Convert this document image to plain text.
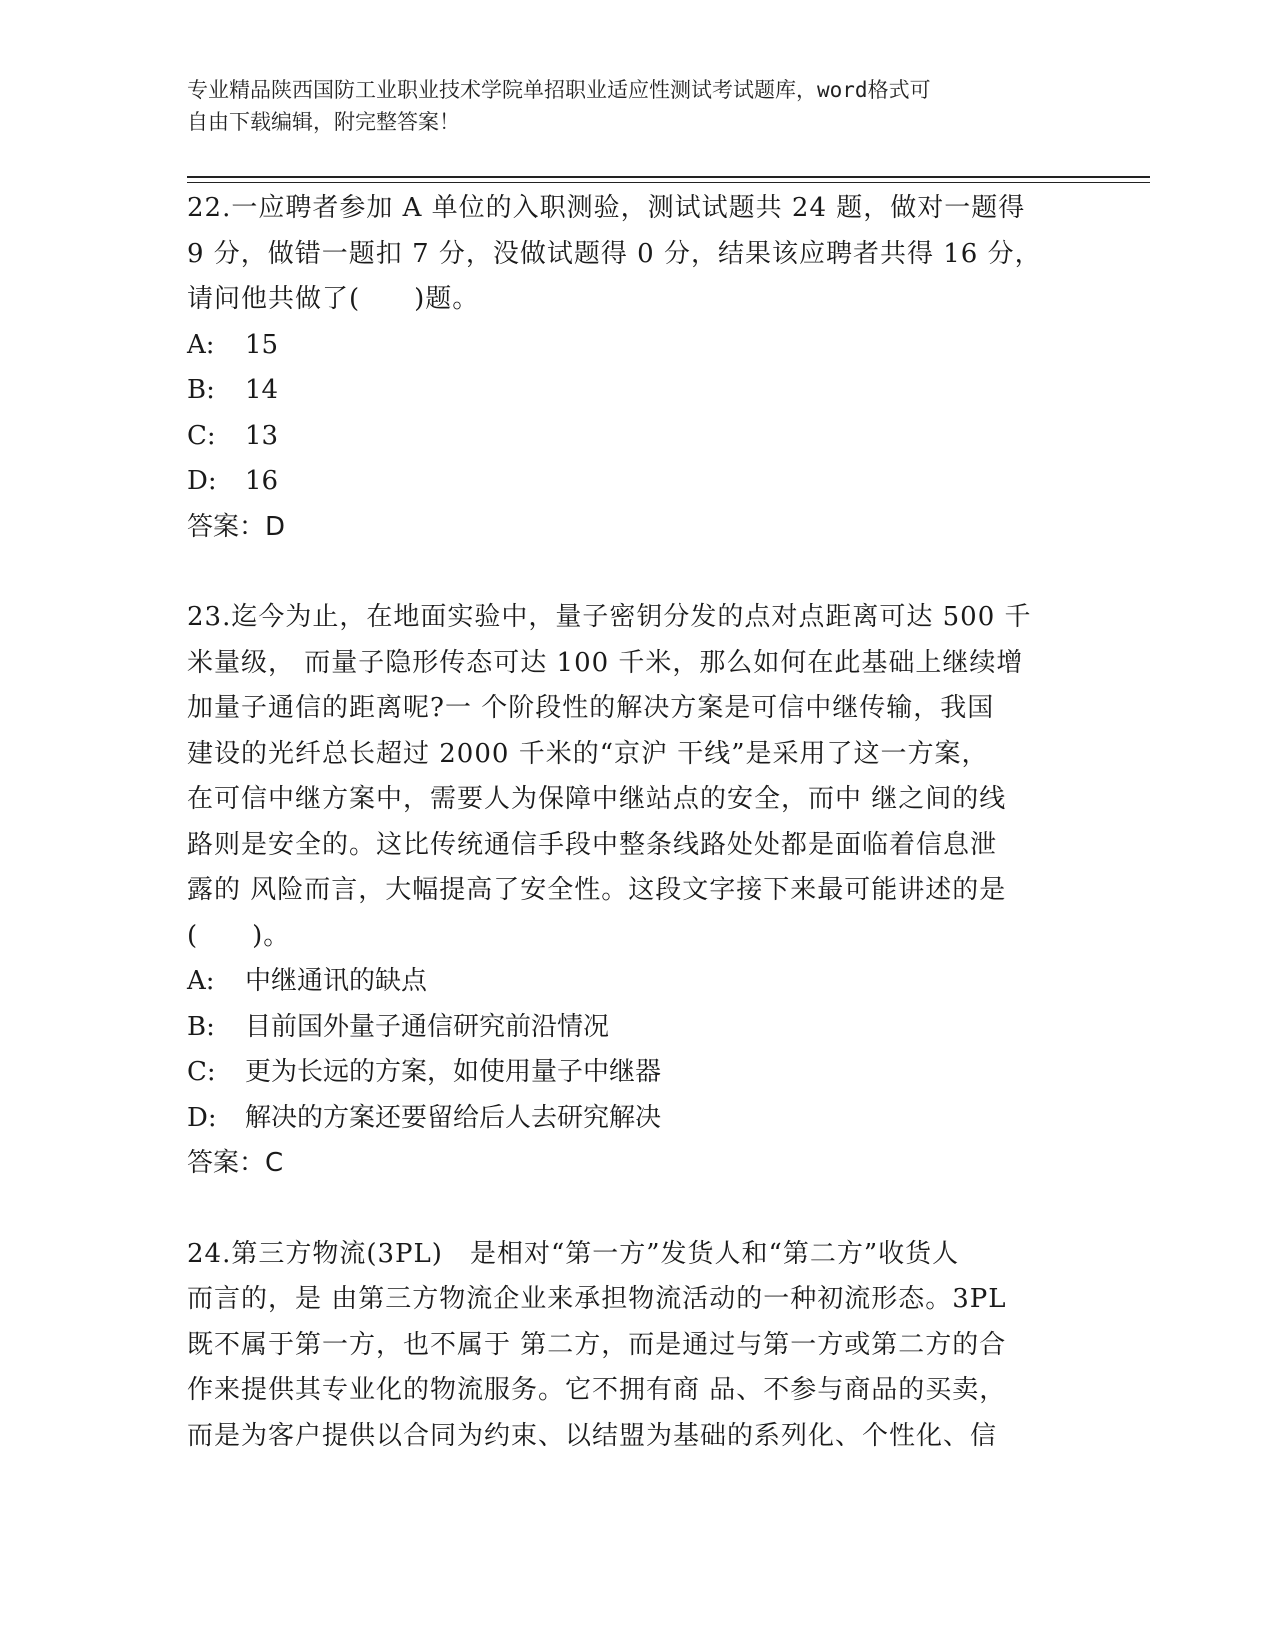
专业精品陕西国防工业职业技术学院单招职业适应性测试考试题库，word格式可
自由下载编辑，附完整答案！
22.一应聘者参加 A 单位的入职测验，测试试题共 24 题，做对一题得
9 分，做错一题扣 7 分，没做试题得 0 分，结果该应聘者共得 16 分，
请问他共做了(　　)题。
A:	15
B:	14
C:	13
D:	16
答案：D
23.迄今为止，在地面实验中，量子密钥分发的点对点距离可达 500 千
米量级， 而量子隐形传态可达 100 千米，那么如何在此基础上继续增
加量子通信的距离呢?一 个阶段性的解决方案是可信中继传输，我国
建设的光纤总长超过 2000 千米的“京沪 干线”是采用了这一方案，
在可信中继方案中，需要人为保障中继站点的安全，而中 继之间的线
路则是安全的。这比传统通信手段中整条线路处处都是面临着信息泄
露的 风险而言，大幅提高了安全性。这段文字接下来最可能讲述的是
(　　)。
A:	中继通讯的缺点
B:	目前国外量子通信研究前沿情况
C:	更为长远的方案，如使用量子中继器
D:	解决的方案还要留给后人去研究解决
答案：C
24.第三方物流(3PL)　是相对“第一方”发货人和“第二方”收货人
而言的，是 由第三方物流企业来承担物流活动的一种初流形态。3PL
既不属于第一方，也不属于 第二方，而是通过与第一方或第二方的合
作来提供其专业化的物流服务。它不拥有商 品、不参与商品的买卖，
而是为客户提供以合同为约束、以结盟为基础的系列化、个性化、信
